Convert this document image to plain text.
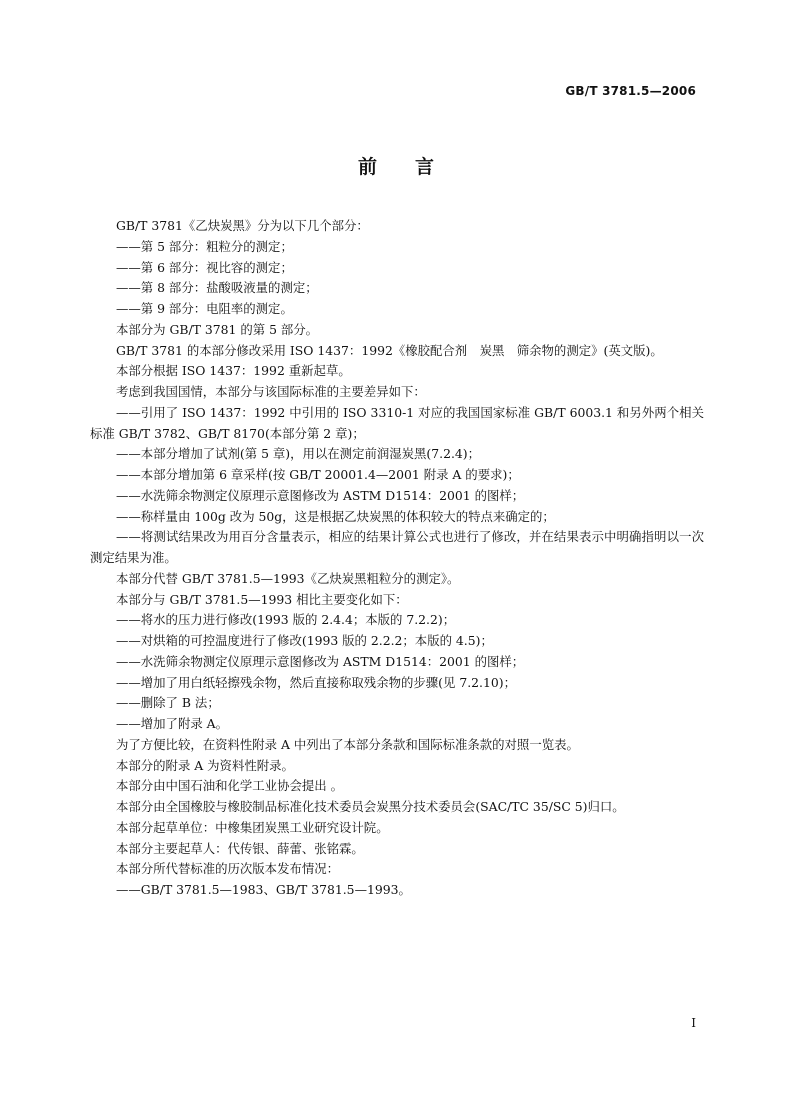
GB/T 3781.5—2006
前言

GB/T 3781《乙炔炭黑》分为以下几个部分：

——第 5 部分：粗粒分的测定；

——第 6 部分：视比容的测定；

——第 8 部分：盐酸吸液量的测定；

——第 9 部分：电阻率的测定。

本部分为 GB/T 3781 的第 5 部分。

GB/T 3781 的本部分修改采用 ISO 1437：1992《橡胶配合剂　炭黑　筛余物的测定》(英文版)。

本部分根据 ISO 1437：1992 重新起草。

考虑到我国国情，本部分与该国际标准的主要差异如下：

——引用了 ISO 1437：1992 中引用的 ISO 3310-1 对应的我国国家标准 GB/T 6003.1 和另外两个相关标准 GB/T 3782、GB/T 8170(本部分第 2 章)；

——本部分增加了试剂(第 5 章)，用以在测定前润湿炭黑(7.2.4)；

——本部分增加第 6 章采样(按 GB/T 20001.4—2001 附录 A 的要求)；

——水洗筛余物测定仪原理示意图修改为 ASTM D1514：2001 的图样；

——称样量由 100g 改为 50g，这是根据乙炔炭黑的体积较大的特点来确定的；

——将测试结果改为用百分含量表示，相应的结果计算公式也进行了修改，并在结果表示中明确指明以一次测定结果为准。

本部分代替 GB/T 3781.5—1993《乙炔炭黑粗粒分的测定》。

本部分与 GB/T 3781.5—1993 相比主要变化如下：

——将水的压力进行修改(1993 版的 2.4.4；本版的 7.2.2)；

——对烘箱的可控温度进行了修改(1993 版的 2.2.2；本版的 4.5)；

——水洗筛余物测定仪原理示意图修改为 ASTM D1514：2001 的图样；

——增加了用白纸轻擦残余物，然后直接称取残余物的步骤(见 7.2.10)；

——删除了 B 法；

——增加了附录 A。

为了方便比较，在资料性附录 A 中列出了本部分条款和国际标准条款的对照一览表。

本部分的附录 A 为资料性附录。

本部分由中国石油和化学工业协会提出 。

本部分由全国橡胶与橡胶制品标准化技术委员会炭黑分技术委员会(SAC/TC 35/SC 5)归口。

本部分起草单位：中橡集团炭黑工业研究设计院。

本部分主要起草人：代传银、薛蕾、张铭霖。

本部分所代替标准的历次版本发布情况：

——GB/T 3781.5—1983、GB/T 3781.5—1993。

I
